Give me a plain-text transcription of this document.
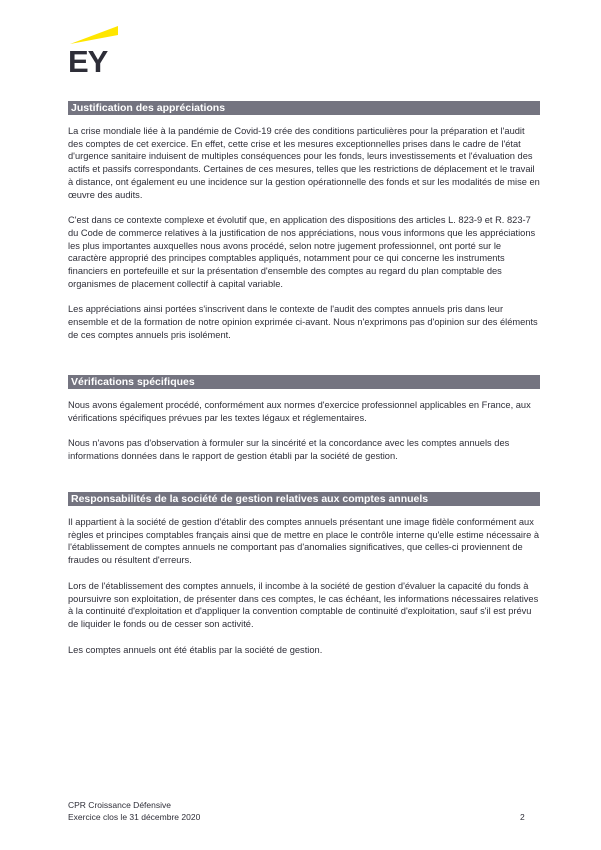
EY
Justification des appréciations

La crise mondiale liée à la pandémie de Covid-19 crée des conditions particulières pour la préparation et l'audit des comptes de cet exercice. En effet, cette crise et les mesures exceptionnelles prises dans le cadre de l'état d'urgence sanitaire induisent de multiples conséquences pour les fonds, leurs investissements et l'évaluation des actifs et passifs correspondants. Certaines de ces mesures, telles que les restrictions de déplacement et le travail à distance, ont également eu une incidence sur la gestion opérationnelle des fonds et sur les modalités de mise en œuvre des audits.

C'est dans ce contexte complexe et évolutif que, en application des dispositions des articles L. 823-9 et R. 823-7 du Code de commerce relatives à la justification de nos appréciations, nous vous informons que les appréciations les plus importantes auxquelles nous avons procédé, selon notre jugement professionnel, ont porté sur le caractère approprié des principes comptables appliqués, notamment pour ce qui concerne les instruments financiers en portefeuille et sur la présentation d'ensemble des comptes au regard du plan comptable des organismes de placement collectif à capital variable.

Les appréciations ainsi portées s'inscrivent dans le contexte de l'audit des comptes annuels pris dans leur ensemble et de la formation de notre opinion exprimée ci-avant. Nous n'exprimons pas d'opinion sur des éléments de ces comptes annuels pris isolément.

Vérifications spécifiques

Nous avons également procédé, conformément aux normes d'exercice professionnel applicables en France, aux vérifications spécifiques prévues par les textes légaux et réglementaires.

Nous n'avons pas d'observation à formuler sur la sincérité et la concordance avec les comptes annuels des informations données dans le rapport de gestion établi par la société de gestion.

Responsabilités de la société de gestion relatives aux comptes annuels

Il appartient à la société de gestion d'établir des comptes annuels présentant une image fidèle conformément aux règles et principes comptables français ainsi que de mettre en place le contrôle interne qu'elle estime nécessaire à l'établissement de comptes annuels ne comportant pas d'anomalies significatives, que celles-ci proviennent de fraudes ou résultent d'erreurs.

Lors de l'établissement des comptes annuels, il incombe à la société de gestion d'évaluer la capacité du fonds à poursuivre son exploitation, de présenter dans ces comptes, le cas échéant, les informations nécessaires relatives à la continuité d'exploitation et d'appliquer la convention comptable de continuité d'exploitation, sauf s'il est prévu de liquider le fonds ou de cesser son activité.

Les comptes annuels ont été établis par la société de gestion.

CPR Croissance Défensive
Exercice clos le 31 décembre 2020	2
